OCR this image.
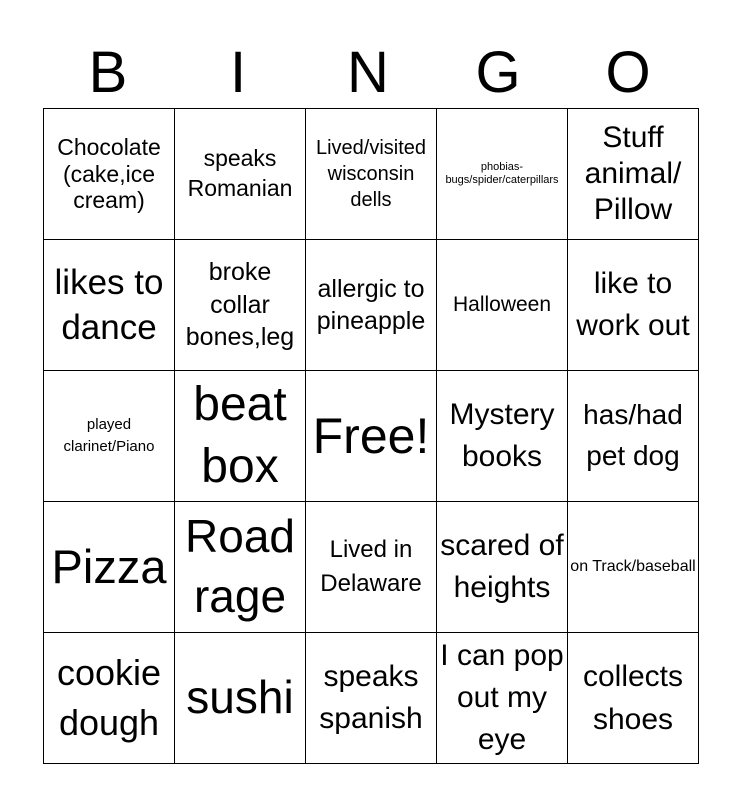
B	I	N	G	O
Chocolate (cake,ice cream)	speaks Romanian	Lived/visited wisconsin dells	phobias- bugs/spider/caterpillars	Stuff animal/ Pillow

likes to dance	broke collar bones,leg	allergic to pineapple	Halloween	like to work out

played clarinet/Piano	beat box	Free!	Mystery books	has/had pet dog

Pizza	Road rage	Lived in Delaware	scared of heights	on Track/baseball

cookie dough	sushi	speaks spanish	I can pop out my eye	collects shoes
